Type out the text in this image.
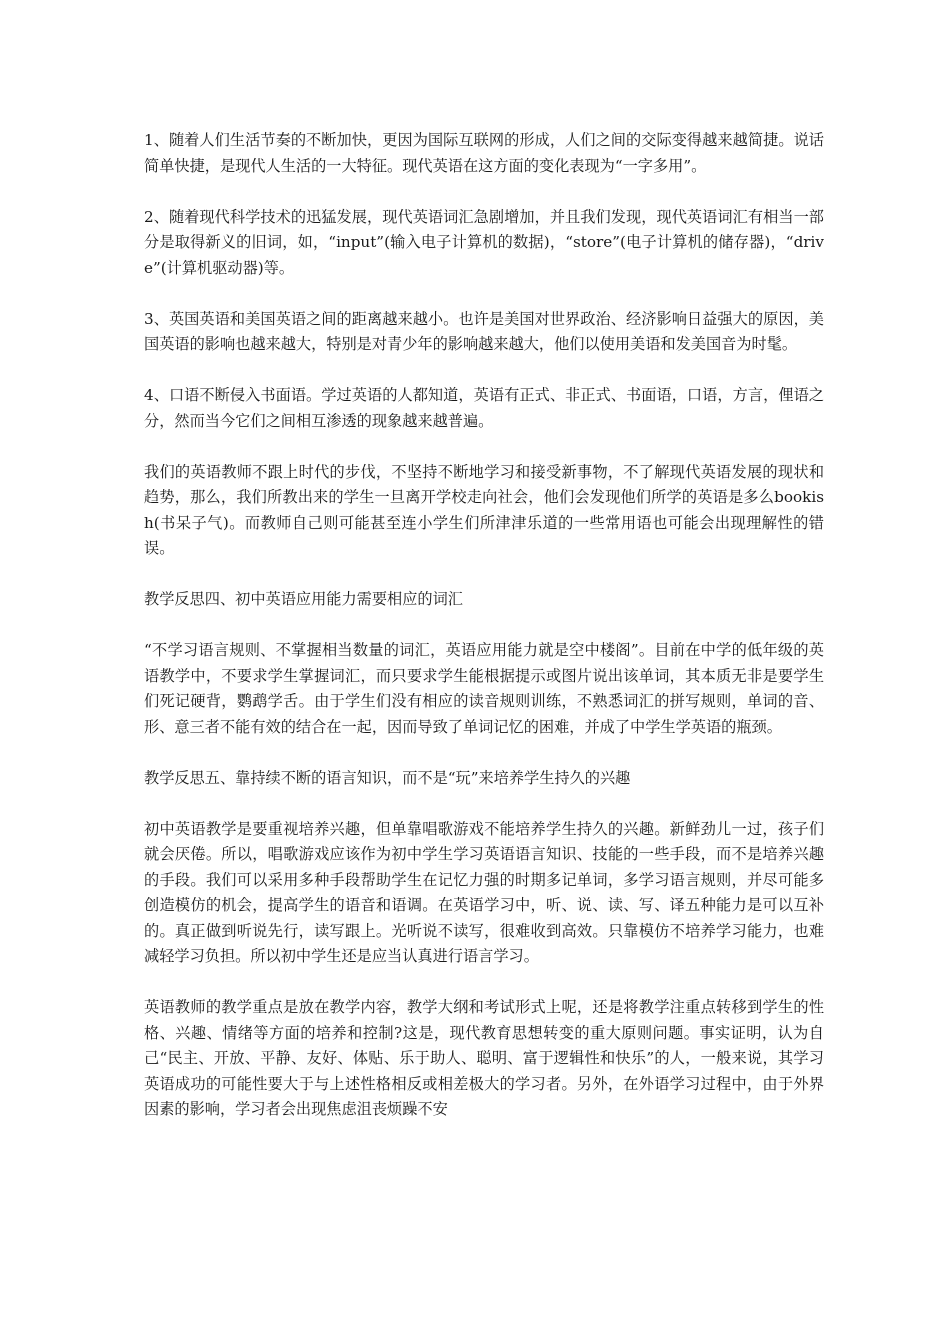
1、随着人们生活节奏的不断加快，更因为国际互联网的形成，人们之间的交际变得越来越简捷。说话简单快捷，是现代人生活的一大特征。现代英语在这方面的变化表现为“一字多用”。

2、随着现代科学技术的迅猛发展，现代英语词汇急剧增加，并且我们发现，现代英语词汇有相当一部分是取得新义的旧词，如，“input”(输入电子计算机的数据)，“store”(电子计算机的储存器)，“drive”(计算机驱动器)等。

3、英国英语和美国英语之间的距离越来越小。也许是美国对世界政治、经济影响日益强大的原因，美国英语的影响也越来越大，特别是对青少年的影响越来越大，他们以使用美语和发美国音为时髦。

4、口语不断侵入书面语。学过英语的人都知道，英语有正式、非正式、书面语，口语，方言，俚语之分，然而当今它们之间相互渗透的现象越来越普遍。

我们的英语教师不跟上时代的步伐，不坚持不断地学习和接受新事物，不了解现代英语发展的现状和趋势，那么，我们所教出来的学生一旦离开学校走向社会，他们会发现他们所学的英语是多么bookish(书呆子气)。而教师自己则可能甚至连小学生们所津津乐道的一些常用语也可能会出现理解性的错误。

教学反思四、初中英语应用能力需要相应的词汇

“不学习语言规则、不掌握相当数量的词汇，英语应用能力就是空中楼阁”。目前在中学的低年级的英语教学中，不要求学生掌握词汇，而只要求学生能根据提示或图片说出该单词，其本质无非是要学生们死记硬背，鹦鹉学舌。由于学生们没有相应的读音规则训练，不熟悉词汇的拼写规则，单词的音、形、意三者不能有效的结合在一起，因而导致了单词记忆的困难，并成了中学生学英语的瓶颈。

教学反思五、靠持续不断的语言知识，而不是“玩”来培养学生持久的兴趣

初中英语教学是要重视培养兴趣，但单靠唱歌游戏不能培养学生持久的兴趣。新鲜劲儿一过，孩子们就会厌倦。所以，唱歌游戏应该作为初中学生学习英语语言知识、技能的一些手段，而不是培养兴趣的手段。我们可以采用多种手段帮助学生在记忆力强的时期多记单词，多学习语言规则，并尽可能多创造模仿的机会，提高学生的语音和语调。在英语学习中，听、说、读、写、译五种能力是可以互补的。真正做到听说先行，读写跟上。光听说不读写，很难收到高效。只靠模仿不培养学习能力，也难减轻学习负担。所以初中学生还是应当认真进行语言学习。

英语教师的教学重点是放在教学内容，教学大纲和考试形式上呢，还是将教学注重点转移到学生的性格、兴趣、情绪等方面的培养和控制?这是，现代教育思想转变的重大原则问题。事实证明，认为自己“民主、开放、平静、友好、体贴、乐于助人、聪明、富于逻辑性和快乐”的人，一般来说，其学习英语成功的可能性要大于与上述性格相反或相差极大的学习者。另外，在外语学习过程中，由于外界因素的影响，学习者会出现焦虑沮丧烦躁不安
